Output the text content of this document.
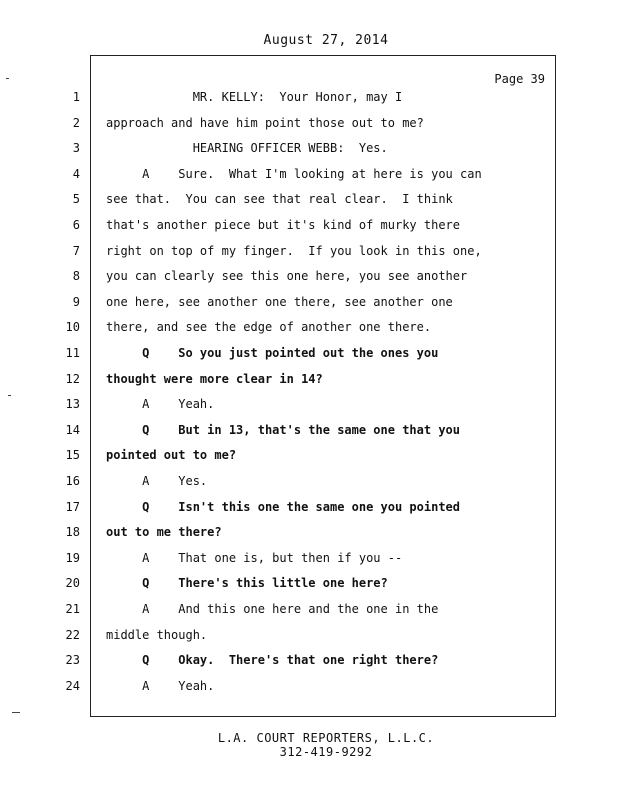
August 27, 2014
Page 39
1 MR. KELLY:  Your Honor, may I
2 approach and have him point those out to me?
3 HEARING OFFICER WEBB:  Yes.
4 A    Sure.  What I'm looking at here is you can
5 see that.  You can see that real clear.  I think
6 that's another piece but it's kind of murky there
7 right on top of my finger.  If you look in this one,
8 you can clearly see this one here, you see another
9 one here, see another one there, see another one
10 there, and see the edge of another one there.
11 Q    So you just pointed out the ones you
12 thought were more clear in 14?
13 A    Yeah.
14 Q    But in 13, that's the same one that you
15 pointed out to me?
16 A    Yes.
17 Q    Isn't this one the same one you pointed
18 out to me there?
19 A    That one is, but then if you --
20 Q    There's this little one here?
21 A    And this one here and the one in the
22 middle though.
23 Q    Okay.  There's that one right there?
24 A    Yeah.
L.A. COURT REPORTERS, L.L.C.
312-419-9292
